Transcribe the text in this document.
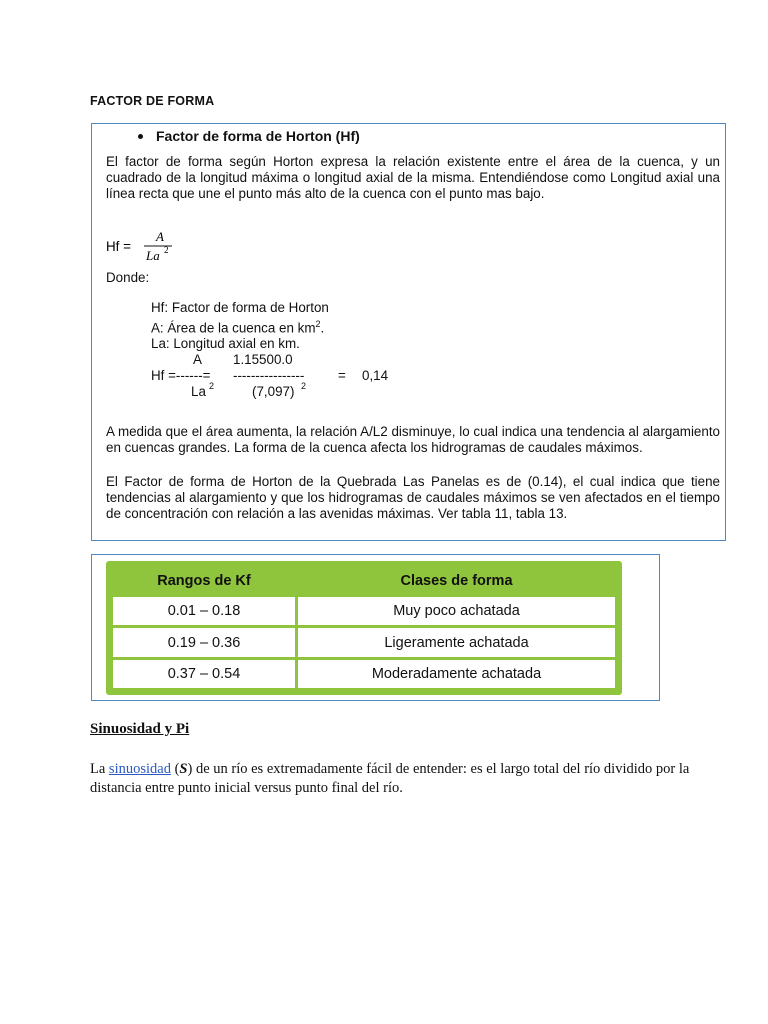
FACTOR DE FORMA
Factor de forma de Horton (Hf)
El factor de forma según Horton expresa la relación existente entre el área de la cuenca, y un cuadrado de la longitud máxima o longitud axial de la misma. Entendiéndose como Longitud axial una línea recta que une el punto más alto de la cuenca con el punto mas bajo.
Hf =
A
La 2
Donde:
Hf: Factor de forma de Horton
A: Área de la cuenca en $km^2$.
La: Longitud axial en km.
A 1.15500.0
Hf =------= ----------------	= 0,14
La 2	(7,097) 2
A medida que el área aumenta, la relación A/L2 disminuye, lo cual indica una tendencia al alargamiento en cuencas grandes. La forma de la cuenca afecta los hidrogramas de caudales máximos.
El Factor de forma de Horton de la Quebrada Las Panelas es de (0.14), el cual indica que tiene tendencias al alargamiento y que los hidrogramas de caudales máximos se ven afectados en el tiempo de concentración con relación a las avenidas máximas. Ver tabla 11, tabla 13.
Rangos de Kf	Clases de forma
0.01 – 0.18	Muy poco achatada
0.19 – 0.36	Ligeramente achatada
0.37 – 0.54	Moderadamente achatada
Sinuosidad y Pi
La sinuosidad (S) de un río es extremadamente fácil de entender: es el largo total del río dividido por la distancia entre punto inicial versus punto final del río.
